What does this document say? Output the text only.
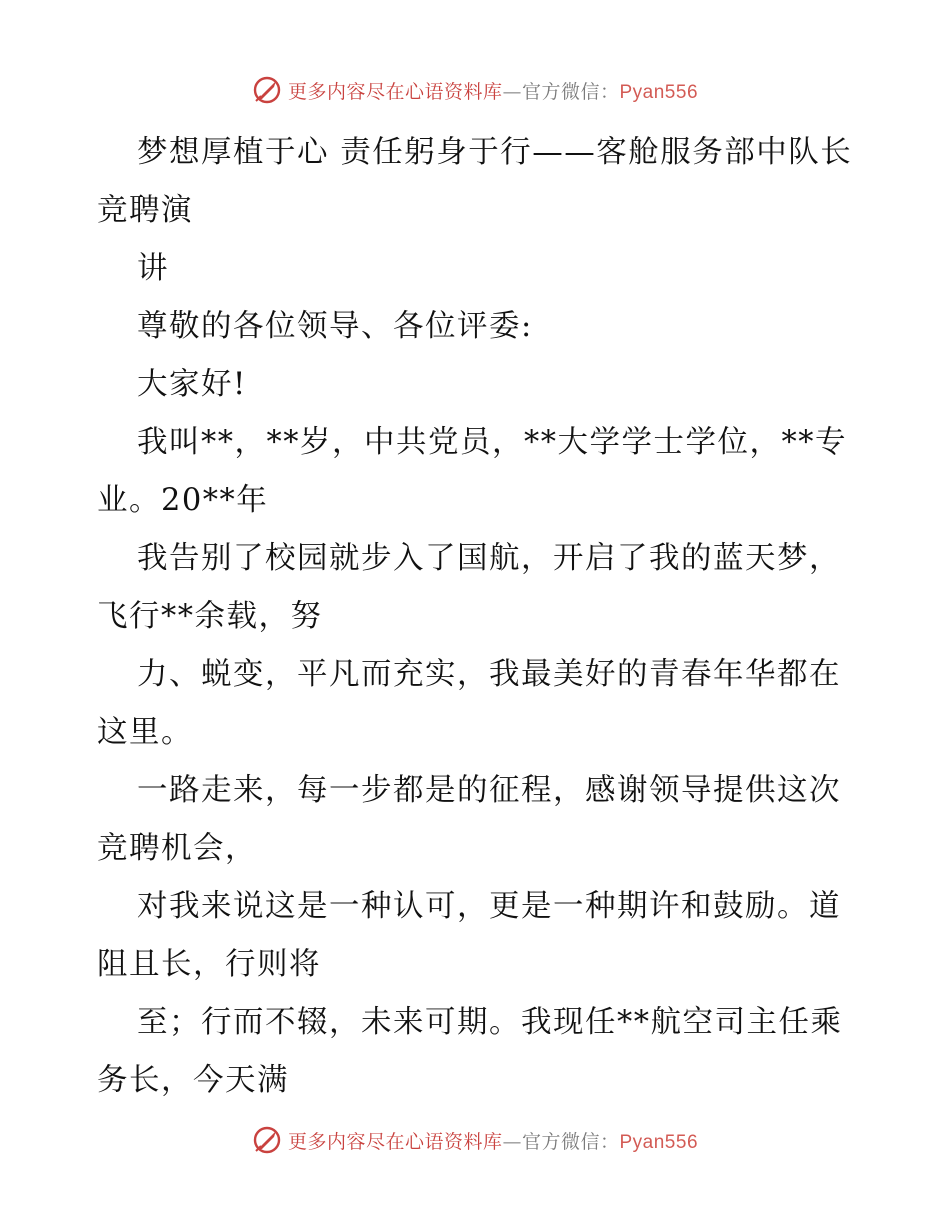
更多内容尽在心语资料库—官方微信：Pyan556

梦想厚植于心 责任躬身于行——客舱服务部中队长竞聘演

讲

尊敬的各位领导、各位评委:

大家好!

我叫**，**岁，中共党员，**大学学士学位，**专业。20**年

我告别了校园就步入了国航，开启了我的蓝天梦，飞行**余载，努

力、蜕变，平凡而充实，我最美好的青春年华都在这里。

一路走来，每一步都是的征程，感谢领导提供这次竞聘机会，

对我来说这是一种认可，更是一种期许和鼓励。道阻且长，行则将

至；行而不辍，未来可期。我现任**航空司主任乘务长，今天满

更多内容尽在心语资料库—官方微信：Pyan556
